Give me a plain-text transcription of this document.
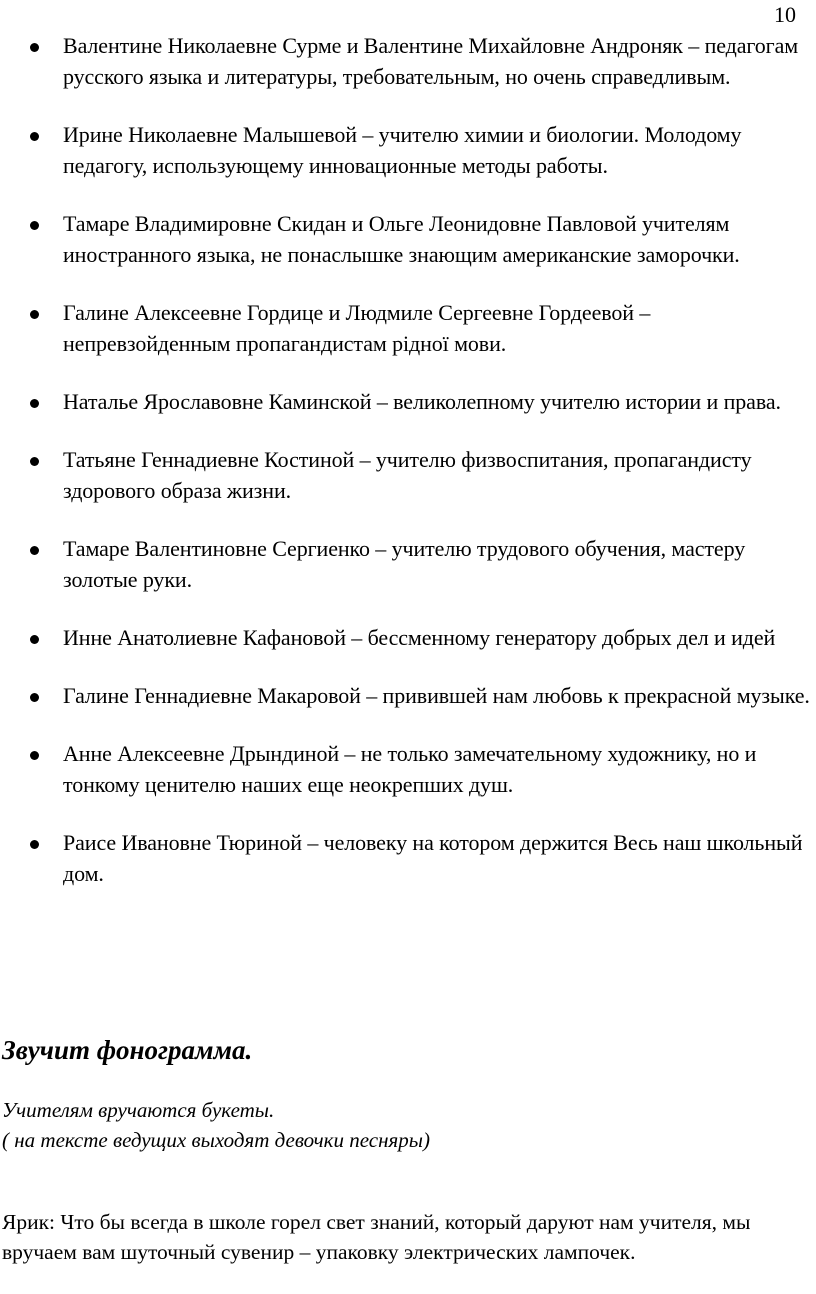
10
Валентине Николаевне Сурме и Валентине Михайловне Андроняк – педагогам русского языка и литературы, требовательным, но очень справедливым.
Ирине Николаевне Малышевой – учителю химии и биологии. Молодому педагогу, использующему инновационные методы работы.
Тамаре Владимировне Скидан и Ольге Леонидовне Павловой учителям иностранного языка, не понаслышке знающим американские заморочки.
Галине Алексеевне Гордице и Людмиле Сергеевне Гордеевой – непревзойденным пропагандистам рідної мови.
Наталье Ярославовне Каминской – великолепному учителю истории и права.
Татьяне Геннадиевне Костиной – учителю физвоспитания, пропагандисту здорового образа жизни.
Тамаре Валентиновне Сергиенко – учителю трудового обучения, мастеру золотые руки.
Инне Анатолиевне Кафановой – бессменному генератору добрых дел и идей
Галине Геннадиевне Макаровой – привившей нам любовь к прекрасной музыке.
Анне Алексеевне Дрындиной – не только замечательному художнику, но и тонкому ценителю наших еще неокрепших душ.
Раисе Ивановне Тюриной – человеку на котором держится Весь наш школьный дом.
Звучит фонограмма.
Учителям вручаются букеты.
( на тексте ведущих выходят девочки песняры)
Ярик: Что бы всегда в школе горел свет знаний, который даруют нам учителя, мы вручаем вам шуточный сувенир – упаковку электрических лампочек.
